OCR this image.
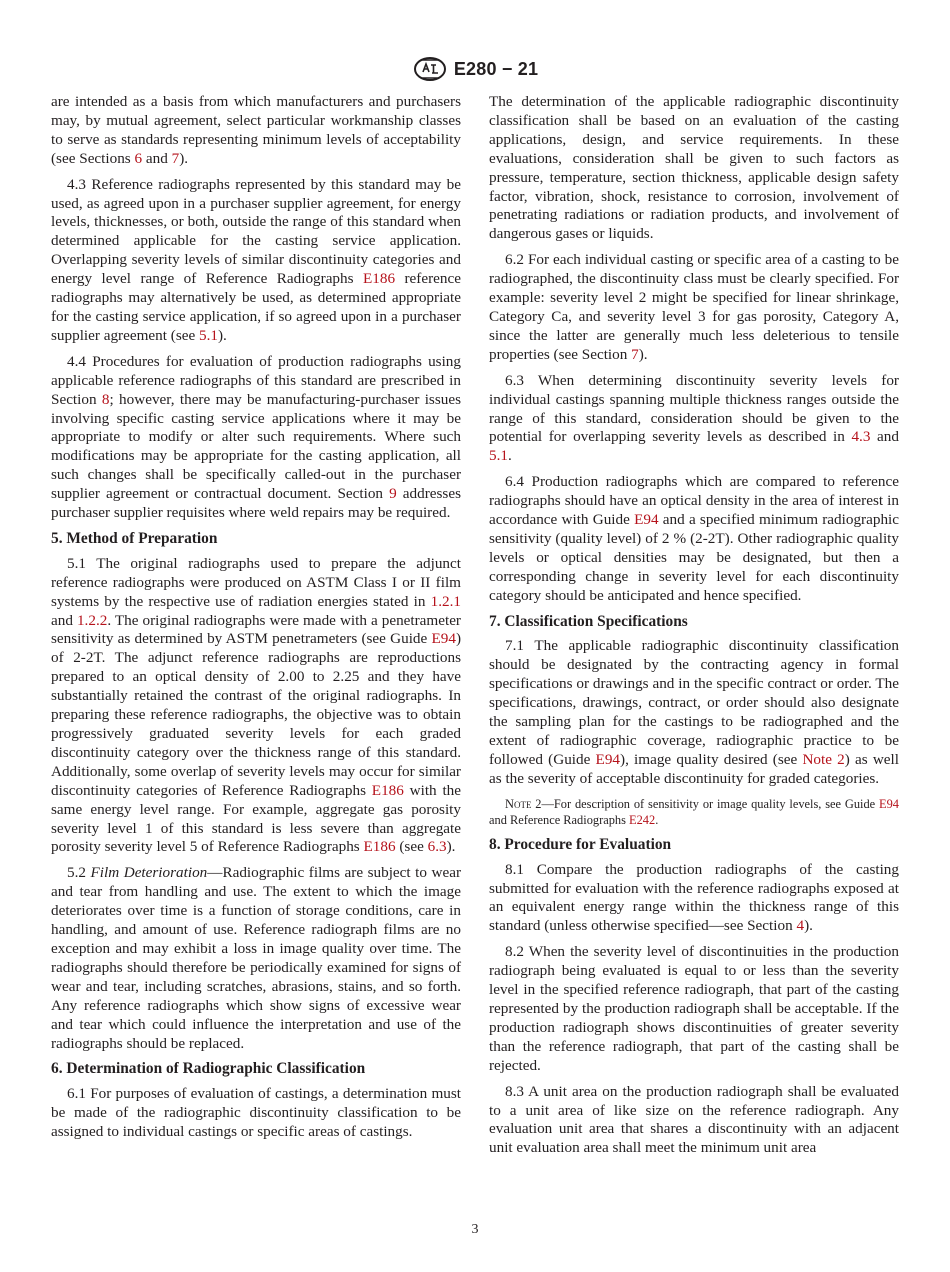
E280 − 21

are intended as a basis from which manufacturers and purchasers may, by mutual agreement, select particular workmanship classes to serve as standards representing minimum levels of acceptability (see Sections 6 and 7).

4.3 Reference radiographs represented by this standard may be used, as agreed upon in a purchaser supplier agreement, for energy levels, thicknesses, or both, outside the range of this standard when determined applicable for the casting service application. Overlapping severity levels of similar discontinuity categories and energy level range of Reference Radiographs E186 reference radiographs may alternatively be used, as determined appropriate for the casting service application, if so agreed upon in a purchaser supplier agreement (see 5.1).

4.4 Procedures for evaluation of production radiographs using applicable reference radiographs of this standard are prescribed in Section 8; however, there may be manufacturing-purchaser issues involving specific casting service applications where it may be appropriate to modify or alter such requirements. Where such modifications may be appropriate for the casting application, all such changes shall be specifically called-out in the purchaser supplier agreement or contractual document. Section 9 addresses purchaser supplier requisites where weld repairs may be required.

5. Method of Preparation

5.1 The original radiographs used to prepare the adjunct reference radiographs were produced on ASTM Class I or II film systems by the respective use of radiation energies stated in 1.2.1 and 1.2.2. The original radiographs were made with a penetrameter sensitivity as determined by ASTM penetrameters (see Guide E94) of 2-2T. The adjunct reference radiographs are reproductions prepared to an optical density of 2.00 to 2.25 and they have substantially retained the contrast of the original radiographs. In preparing these reference radiographs, the objective was to obtain progressively graduated severity levels for each graded discontinuity category over the thickness range of this standard. Additionally, some overlap of severity levels may occur for similar discontinuity categories of Reference Radiographs E186 with the same energy level range. For example, aggregate gas porosity severity level 1 of this standard is less severe than aggregate porosity severity level 5 of Reference Radiographs E186 (see 6.3).

5.2 Film Deterioration—Radiographic films are subject to wear and tear from handling and use. The extent to which the image deteriorates over time is a function of storage conditions, care in handling, and amount of use. Reference radiograph films are no exception and may exhibit a loss in image quality over time. The radiographs should therefore be periodically examined for signs of wear and tear, including scratches, abrasions, stains, and so forth. Any reference radiographs which show signs of excessive wear and tear which could influence the interpretation and use of the radiographs should be replaced.

6. Determination of Radiographic Classification

6.1 For purposes of evaluation of castings, a determination must be made of the radiographic discontinuity classification to be assigned to individual castings or specific areas of castings.

The determination of the applicable radiographic discontinuity classification shall be based on an evaluation of the casting applications, design, and service requirements. In these evaluations, consideration shall be given to such factors as pressure, temperature, section thickness, applicable design safety factor, vibration, shock, resistance to corrosion, involvement of penetrating radiations or radiation products, and involvement of dangerous gases or liquids.

6.2 For each individual casting or specific area of a casting to be radiographed, the discontinuity class must be clearly specified. For example: severity level 2 might be specified for linear shrinkage, Category Ca, and severity level 3 for gas porosity, Category A, since the latter are generally much less deleterious to tensile properties (see Section 7).

6.3 When determining discontinuity severity levels for individual castings spanning multiple thickness ranges outside the range of this standard, consideration should be given to the potential for overlapping severity levels as described in 4.3 and 5.1.

6.4 Production radiographs which are compared to reference radiographs should have an optical density in the area of interest in accordance with Guide E94 and a specified minimum radiographic sensitivity (quality level) of 2 % (2-2T). Other radiographic quality levels or optical densities may be designated, but then a corresponding change in severity level for each discontinuity category should be anticipated and hence specified.

7. Classification Specifications

7.1 The applicable radiographic discontinuity classification should be designated by the contracting agency in formal specifications or drawings and in the specific contract or order. The specifications, drawings, contract, or order should also designate the sampling plan for the castings to be radiographed and the extent of radiographic coverage, radiographic practice to be followed (Guide E94), image quality desired (see Note 2) as well as the severity of acceptable discontinuity for graded categories.

Note 2—For description of sensitivity or image quality levels, see Guide E94 and Reference Radiographs E242.

8. Procedure for Evaluation

8.1 Compare the production radiographs of the casting submitted for evaluation with the reference radiographs exposed at an equivalent energy range within the thickness range of this standard (unless otherwise specified—see Section 4).

8.2 When the severity level of discontinuities in the production radiograph being evaluated is equal to or less than the severity level in the specified reference radiograph, that part of the casting represented by the production radiograph shall be acceptable. If the production radiograph shows discontinuities of greater severity than the reference radiograph, that part of the casting shall be rejected.

8.3 A unit area on the production radiograph shall be evaluated to a unit area of like size on the reference radiograph. Any evaluation unit area that shares a discontinuity with an adjacent unit evaluation area shall meet the minimum unit area

3
